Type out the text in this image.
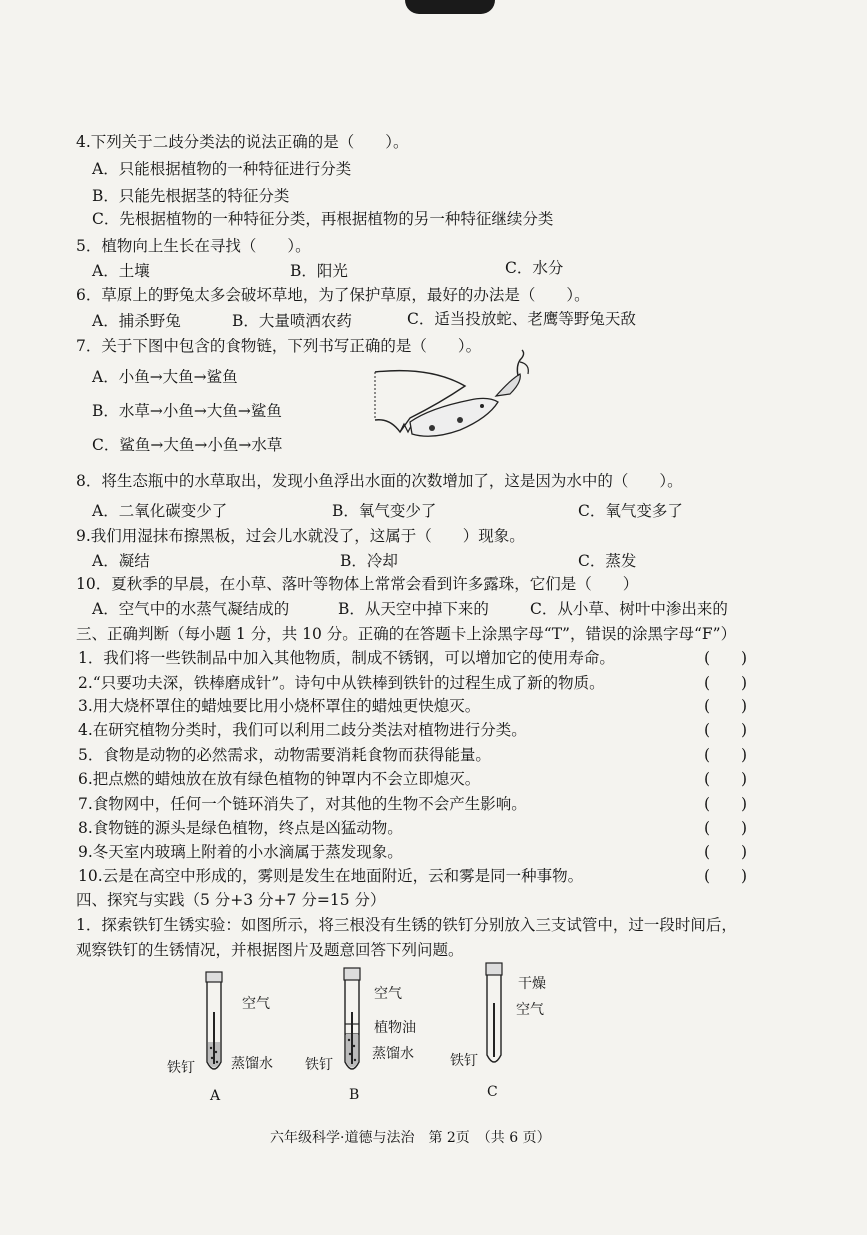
4.下列关于二歧分类法的说法正确的是（　　）。
A．只能根据植物的一种特征进行分类
B．只能先根据茎的特征分类
C．先根据植物的一种特征分类，再根据植物的另一种特征继续分类
5．植物向上生长在寻找（　　）。
A．土壤	B．阳光	C．水分
6．草原上的野兔太多会破坏草地，为了保护草原，最好的办法是（　　）。
A．捕杀野兔	B．大量喷洒农药	C．适当投放蛇、老鹰等野兔天敌
7．关于下图中包含的食物链，下列书写正确的是（　　）。
A．小鱼→大鱼→鲨鱼
B．水草→小鱼→大鱼→鲨鱼
C．鲨鱼→大鱼→小鱼→水草
8．将生态瓶中的水草取出，发现小鱼浮出水面的次数增加了，这是因为水中的（　　）。
A．二氧化碳变少了	B．氧气变少了	C．氧气变多了
9.我们用湿抹布擦黑板，过会儿水就没了，这属于（　　）现象。
A．凝结	B．冷却	C．蒸发
10．夏秋季的早晨，在小草、落叶等物体上常常会看到许多露珠，它们是（　　）
A．空气中的水蒸气凝结成的	B．从天空中掉下来的	C．从小草、树叶中渗出来的
三、正确判断（每小题 1 分，共 10 分。正确的在答题卡上涂黑字母“T”，错误的涂黑字母“F”）
1．我们将一些铁制品中加入其他物质，制成不锈钢，可以增加它的使用寿命。	(　　)
2.“只要功夫深，铁棒磨成针”。诗句中从铁棒到铁针的过程生成了新的物质。	(　　)
3.用大烧杯罩住的蜡烛要比用小烧杯罩住的蜡烛更快熄灭。	(　　)
4.在研究植物分类时，我们可以利用二歧分类法对植物进行分类。	(　　)
5．食物是动物的必然需求，动物需要消耗食物而获得能量。	(　　)
6.把点燃的蜡烛放在放有绿色植物的钟罩内不会立即熄灭。	(　　)
7.食物网中，任何一个链环消失了，对其他的生物不会产生影响。	(　　)
8.食物链的源头是绿色植物，终点是凶猛动物。	(　　)
9.冬天室内玻璃上附着的小水滴属于蒸发现象。	(　　)
10.云是在高空中形成的，雾则是发生在地面附近，云和雾是同一种事物。	(　　)
四、探究与实践（5 分+3 分+7 分=15 分）
1．探索铁钉生锈实验：如图所示，将三根没有生锈的铁钉分别放入三支试管中，过一段时间后，
观察铁钉的生锈情况，并根据图片及题意回答下列问题。
空气
蒸馏水
铁钉
A
空气
植物油
蒸馏水
铁钉
B
干燥
空气
铁钉
C
六年级科学·道德与法治　第 2页　（共 6 页）
